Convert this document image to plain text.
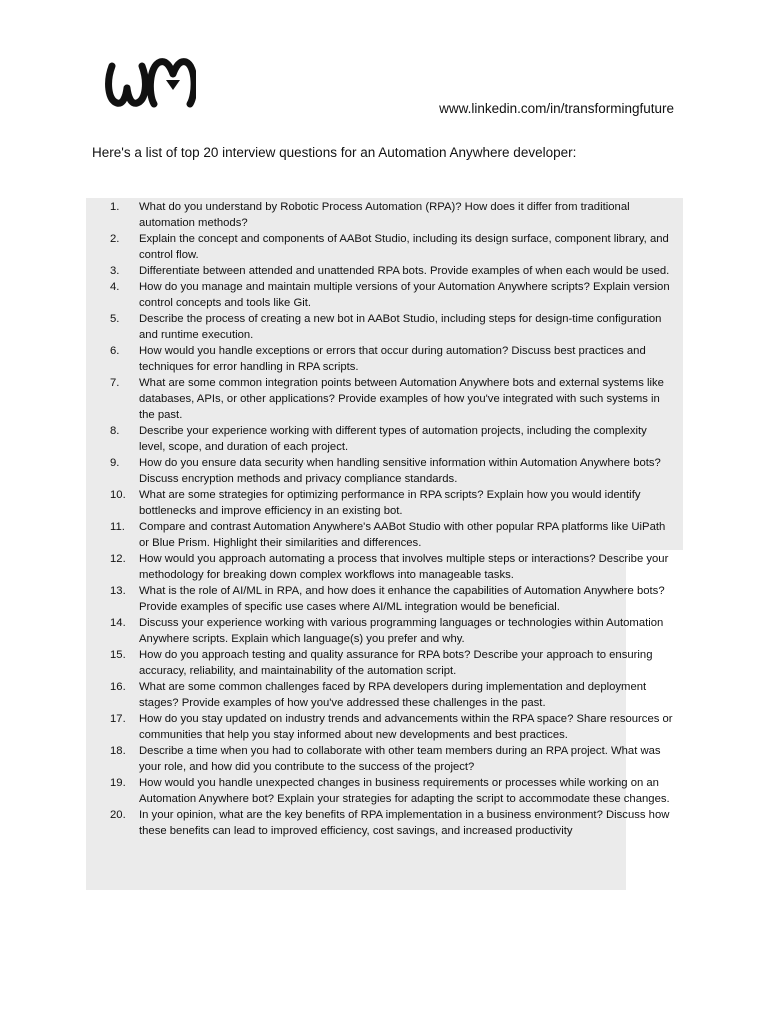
www.linkedin.com/in/transformingfuture
Here's a list of top 20 interview questions for an Automation Anywhere developer:
1.	What do you understand by Robotic Process Automation (RPA)? How does it differ from traditional automation methods?
2.	Explain the concept and components of AABot Studio, including its design surface, component library, and control flow.
3.	Differentiate between attended and unattended RPA bots. Provide examples of when each would be used.
4.	How do you manage and maintain multiple versions of your Automation Anywhere scripts? Explain version control concepts and tools like Git.
5.	Describe the process of creating a new bot in AABot Studio, including steps for design-time configuration and runtime execution.
6.	How would you handle exceptions or errors that occur during automation? Discuss best practices and techniques for error handling in RPA scripts.
7.	What are some common integration points between Automation Anywhere bots and external systems like databases, APIs, or other applications? Provide examples of how you've integrated with such systems in the past.
8.	Describe your experience working with different types of automation projects, including the complexity level, scope, and duration of each project.
9.	How do you ensure data security when handling sensitive information within Automation Anywhere bots? Discuss encryption methods and privacy compliance standards.
10.	What are some strategies for optimizing performance in RPA scripts? Explain how you would identify bottlenecks and improve efficiency in an existing bot.
11.	Compare and contrast Automation Anywhere's AABot Studio with other popular RPA platforms like UiPath or Blue Prism. Highlight their similarities and differences.
12.	How would you approach automating a process that involves multiple steps or interactions? Describe your methodology for breaking down complex workflows into manageable tasks.
13.	What is the role of AI/ML in RPA, and how does it enhance the capabilities of Automation Anywhere bots? Provide examples of specific use cases where AI/ML integration would be beneficial.
14.	Discuss your experience working with various programming languages or technologies within Automation Anywhere scripts. Explain which language(s) you prefer and why.
15.	How do you approach testing and quality assurance for RPA bots? Describe your approach to ensuring accuracy, reliability, and maintainability of the automation script.
16.	What are some common challenges faced by RPA developers during implementation and deployment stages? Provide examples of how you've addressed these challenges in the past.
17.	How do you stay updated on industry trends and advancements within the RPA space? Share resources or communities that help you stay informed about new developments and best practices.
18.	Describe a time when you had to collaborate with other team members during an RPA project. What was your role, and how did you contribute to the success of the project?
19.	How would you handle unexpected changes in business requirements or processes while working on an Automation Anywhere bot? Explain your strategies for adapting the script to accommodate these changes.
20.	In your opinion, what are the key benefits of RPA implementation in a business environment? Discuss how these benefits can lead to improved efficiency, cost savings, and increased productivity
